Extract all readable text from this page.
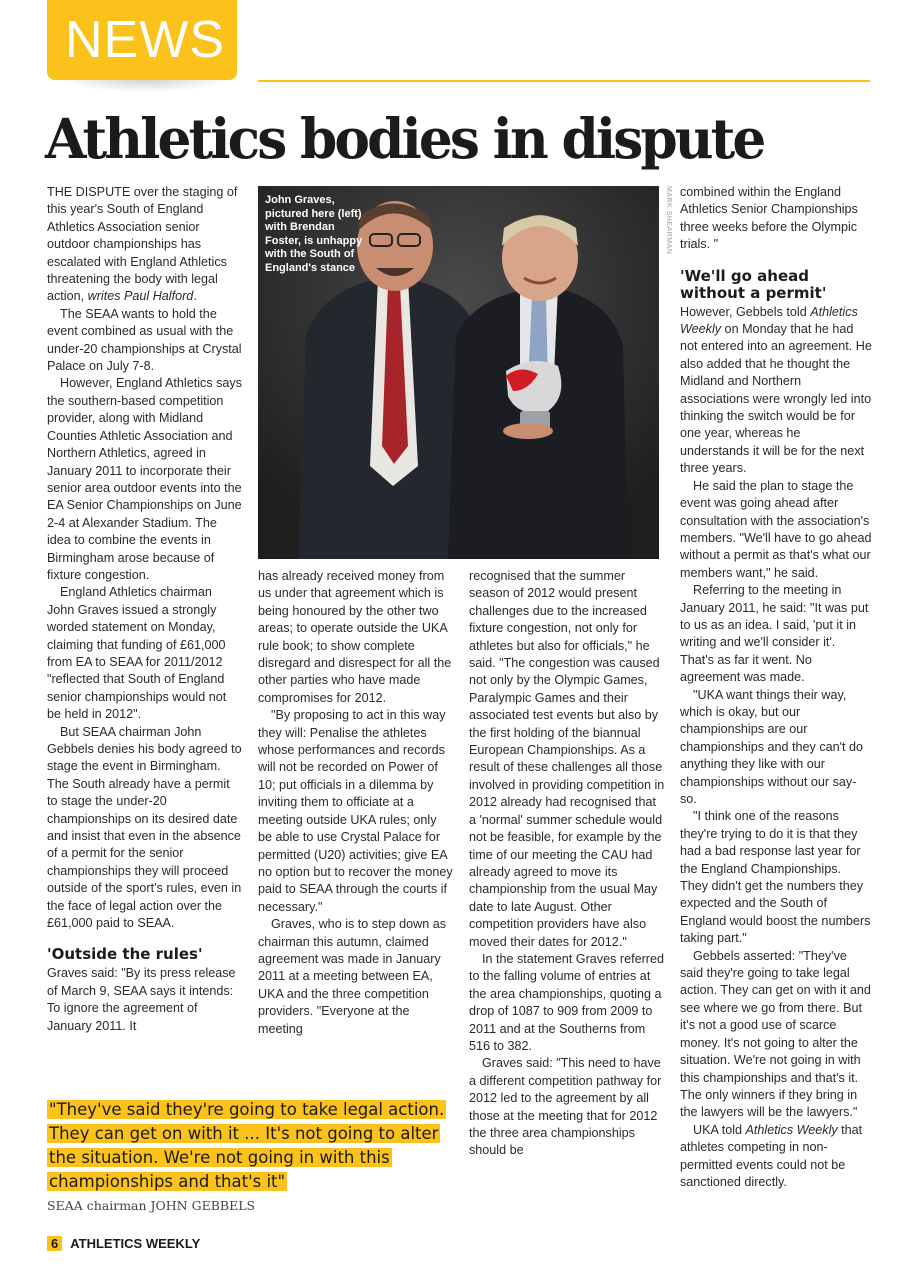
NEWS
Athletics bodies in dispute

THE DISPUTE over the staging of this year's South of England Athletics Association senior outdoor championships has escalated with England Athletics threatening the body with legal action, writes Paul Halford.

The SEAA wants to hold the event combined as usual with the under-20 championships at Crystal Palace on July 7-8.

However, England Athletics says the southern-based competition provider, along with Midland Counties Athletic Association and Northern Athletics, agreed in January 2011 to incorporate their senior area outdoor events into the EA Senior Championships on June 2-4 at Alexander Stadium. The idea to combine the events in Birmingham arose because of fixture congestion.

England Athletics chairman John Graves issued a strongly worded statement on Monday, claiming that funding of £61,000 from EA to SEAA for 2011/2012 "reflected that South of England senior championships would not be held in 2012".

But SEAA chairman John Gebbels denies his body agreed to stage the event in Birmingham. The South already have a permit to stage the under-20 championships on its desired date and insist that even in the absence of a permit for the senior championships they will proceed outside of the sport's rules, even in the face of legal action over the £61,000 paid to SEAA.

'Outside the rules'

Graves said: "By its press release of March 9, SEAA says it intends: To ignore the agreement of January 2011. It

MARK SHEARMAN
John Graves, pictured here (left) with Brendan Foster, is unhappy with the South of England's stance

has already received money from us under that agreement which is being honoured by the other two areas; to operate outside the UKA rule book; to show complete disregard and disrespect for all the other parties who have made compromises for 2012.

"By proposing to act in this way they will: Penalise the athletes whose performances and records will not be recorded on Power of 10; put officials in a dilemma by inviting them to officiate at a meeting outside UKA rules; only be able to use Crystal Palace for permitted (U20) activities; give EA no option but to recover the money paid to SEAA through the courts if necessary."

Graves, who is to step down as chairman this autumn, claimed agreement was made in January 2011 at a meeting between EA, UKA and the three competition providers. "Everyone at the meeting

recognised that the summer season of 2012 would present challenges due to the increased fixture congestion, not only for athletes but also for officials," he said. "The congestion was caused not only by the Olympic Games, Paralympic Games and their associated test events but also by the first holding of the biannual European Championships. As a result of these challenges all those involved in providing competition in 2012 already had recognised that a 'normal' summer schedule would not be feasible, for example by the time of our meeting the CAU had already agreed to move its championship from the usual May date to late August. Other competition providers have also moved their dates for 2012."

In the statement Graves referred to the falling volume of entries at the area championships, quoting a drop of 1087 to 909 from 2009 to 2011 and at the Southerns from 516 to 382.

Graves said: "This need to have a different competition pathway for 2012 led to the agreement by all those at the meeting that for 2012 the three area championships should be

combined within the England Athletics Senior Championships three weeks before the Olympic trials. "

'We'll go ahead without a permit'

However, Gebbels told Athletics Weekly on Monday that he had not entered into an agreement. He also added that he thought the Midland and Northern associations were wrongly led into thinking the switch would be for one year, whereas he understands it will be for the next three years.

He said the plan to stage the event was going ahead after consultation with the association's members. "We'll have to go ahead without a permit as that's what our members want," he said.

Referring to the meeting in January 2011, he said: "It was put to us as an idea. I said, 'put it in writing and we'll consider it'. That's as far it went. No agreement was made.

"UKA want things their way, which is okay, but our championships are our championships and they can't do anything they like with our championships without our say-so.

"I think one of the reasons they're trying to do it is that they had a bad response last year for the England Championships. They didn't get the numbers they expected and the South of England would boost the numbers taking part."

Gebbels asserted: "They've said they're going to take legal action. They can get on with it and see where we go from there. But it's not a good use of scarce money. It's not going to alter the situation. We're not going in with this championships and that's it. The only winners if they bring in the lawyers will be the lawyers."

UKA told Athletics Weekly that athletes competing in non-permitted events could not be sanctioned directly.

"They've said they're going to take legal action. They can get on with it ... It's not going to alter the situation. We're not going in with this championships and that's it"
SEAA chairman JOHN GEBBELS
6 ATHLETICS WEEKLY
